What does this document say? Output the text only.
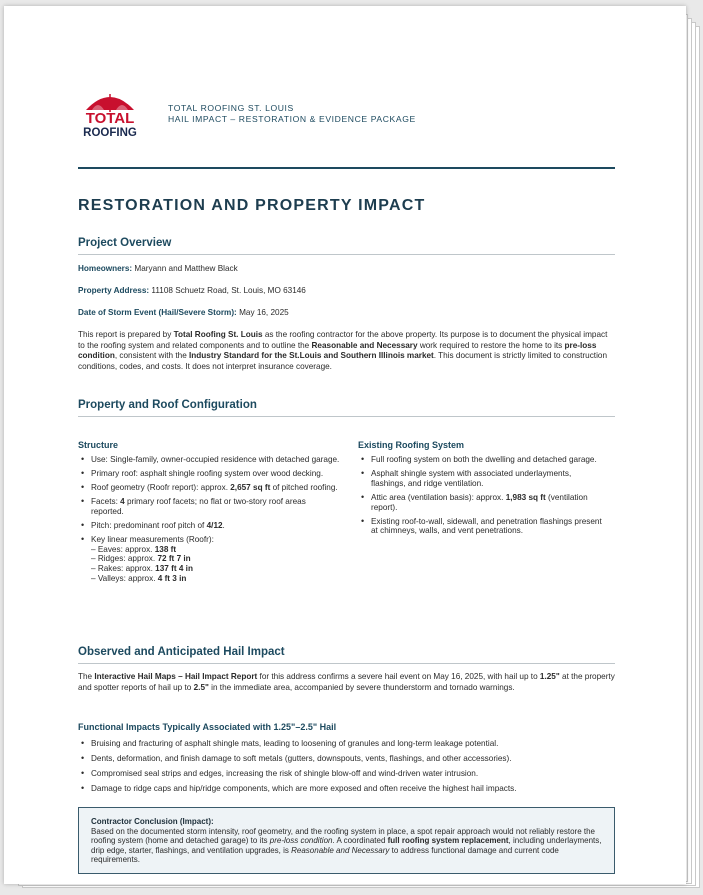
TOTAL
ROOFING
TOTAL ROOFING ST. LOUIS
HAIL IMPACT – RESTORATION & EVIDENCE PACKAGE
RESTORATION AND PROPERTY IMPACT
Project Overview
Homeowners: Maryann and Matthew Black
Property Address: 11108 Schuetz Road, St. Louis, MO 63146
Date of Storm Event (Hail/Severe Storm): May 16, 2025
This report is prepared by Total Roofing St. Louis as the roofing contractor for the above property. Its purpose is to document the physical impact to the roofing system and related components and to outline the Reasonable and Necessary work required to restore the home to its pre-loss condition, consistent with the Industry Standard for the St.Louis and Southern Illinois market. This document is strictly limited to construction conditions, codes, and costs. It does not interpret insurance coverage.
Property and Roof Configuration
Structure
• Use: Single-family, owner-occupied residence with detached garage.
• Primary roof: asphalt shingle roofing system over wood decking.
• Roof geometry (Roofr report): approx. 2,657 sq ft of pitched roofing.
• Facets: 4 primary roof facets; no flat or two-story roof areas reported.
• Pitch: predominant roof pitch of 4/12.
• Key linear measurements (Roofr):
– Eaves: approx. 138 ft
– Ridges: approx. 72 ft 7 in
– Rakes: approx. 137 ft 4 in
– Valleys: approx. 4 ft 3 in
Existing Roofing System
• Full roofing system on both the dwelling and detached garage.
• Asphalt shingle system with associated underlayments, flashings, and ridge ventilation.
• Attic area (ventilation basis): approx. 1,983 sq ft (ventilation report).
• Existing roof-to-wall, sidewall, and penetration flashings present at chimneys, walls, and vent penetrations.
Observed and Anticipated Hail Impact
The Interactive Hail Maps – Hail Impact Report for this address confirms a severe hail event on May 16, 2025, with hail up to 1.25" at the property and spotter reports of hail up to 2.5" in the immediate area, accompanied by severe thunderstorm and tornado warnings.
Functional Impacts Typically Associated with 1.25"–2.5" Hail
• Bruising and fracturing of asphalt shingle mats, leading to loosening of granules and long-term leakage potential.
• Dents, deformation, and finish damage to soft metals (gutters, downspouts, vents, flashings, and other accessories).
• Compromised seal strips and edges, increasing the risk of shingle blow-off and wind-driven water intrusion.
• Damage to ridge caps and hip/ridge components, which are more exposed and often receive the highest hail impacts.
Contractor Conclusion (Impact):
Based on the documented storm intensity, roof geometry, and the roofing system in place, a spot repair approach would not reliably restore the roofing system (home and detached garage) to its pre-loss condition. A coordinated full roofing system replacement, including underlayments, drip edge, starter, flashings, and ventilation upgrades, is Reasonable and Necessary to address functional damage and current code requirements.
